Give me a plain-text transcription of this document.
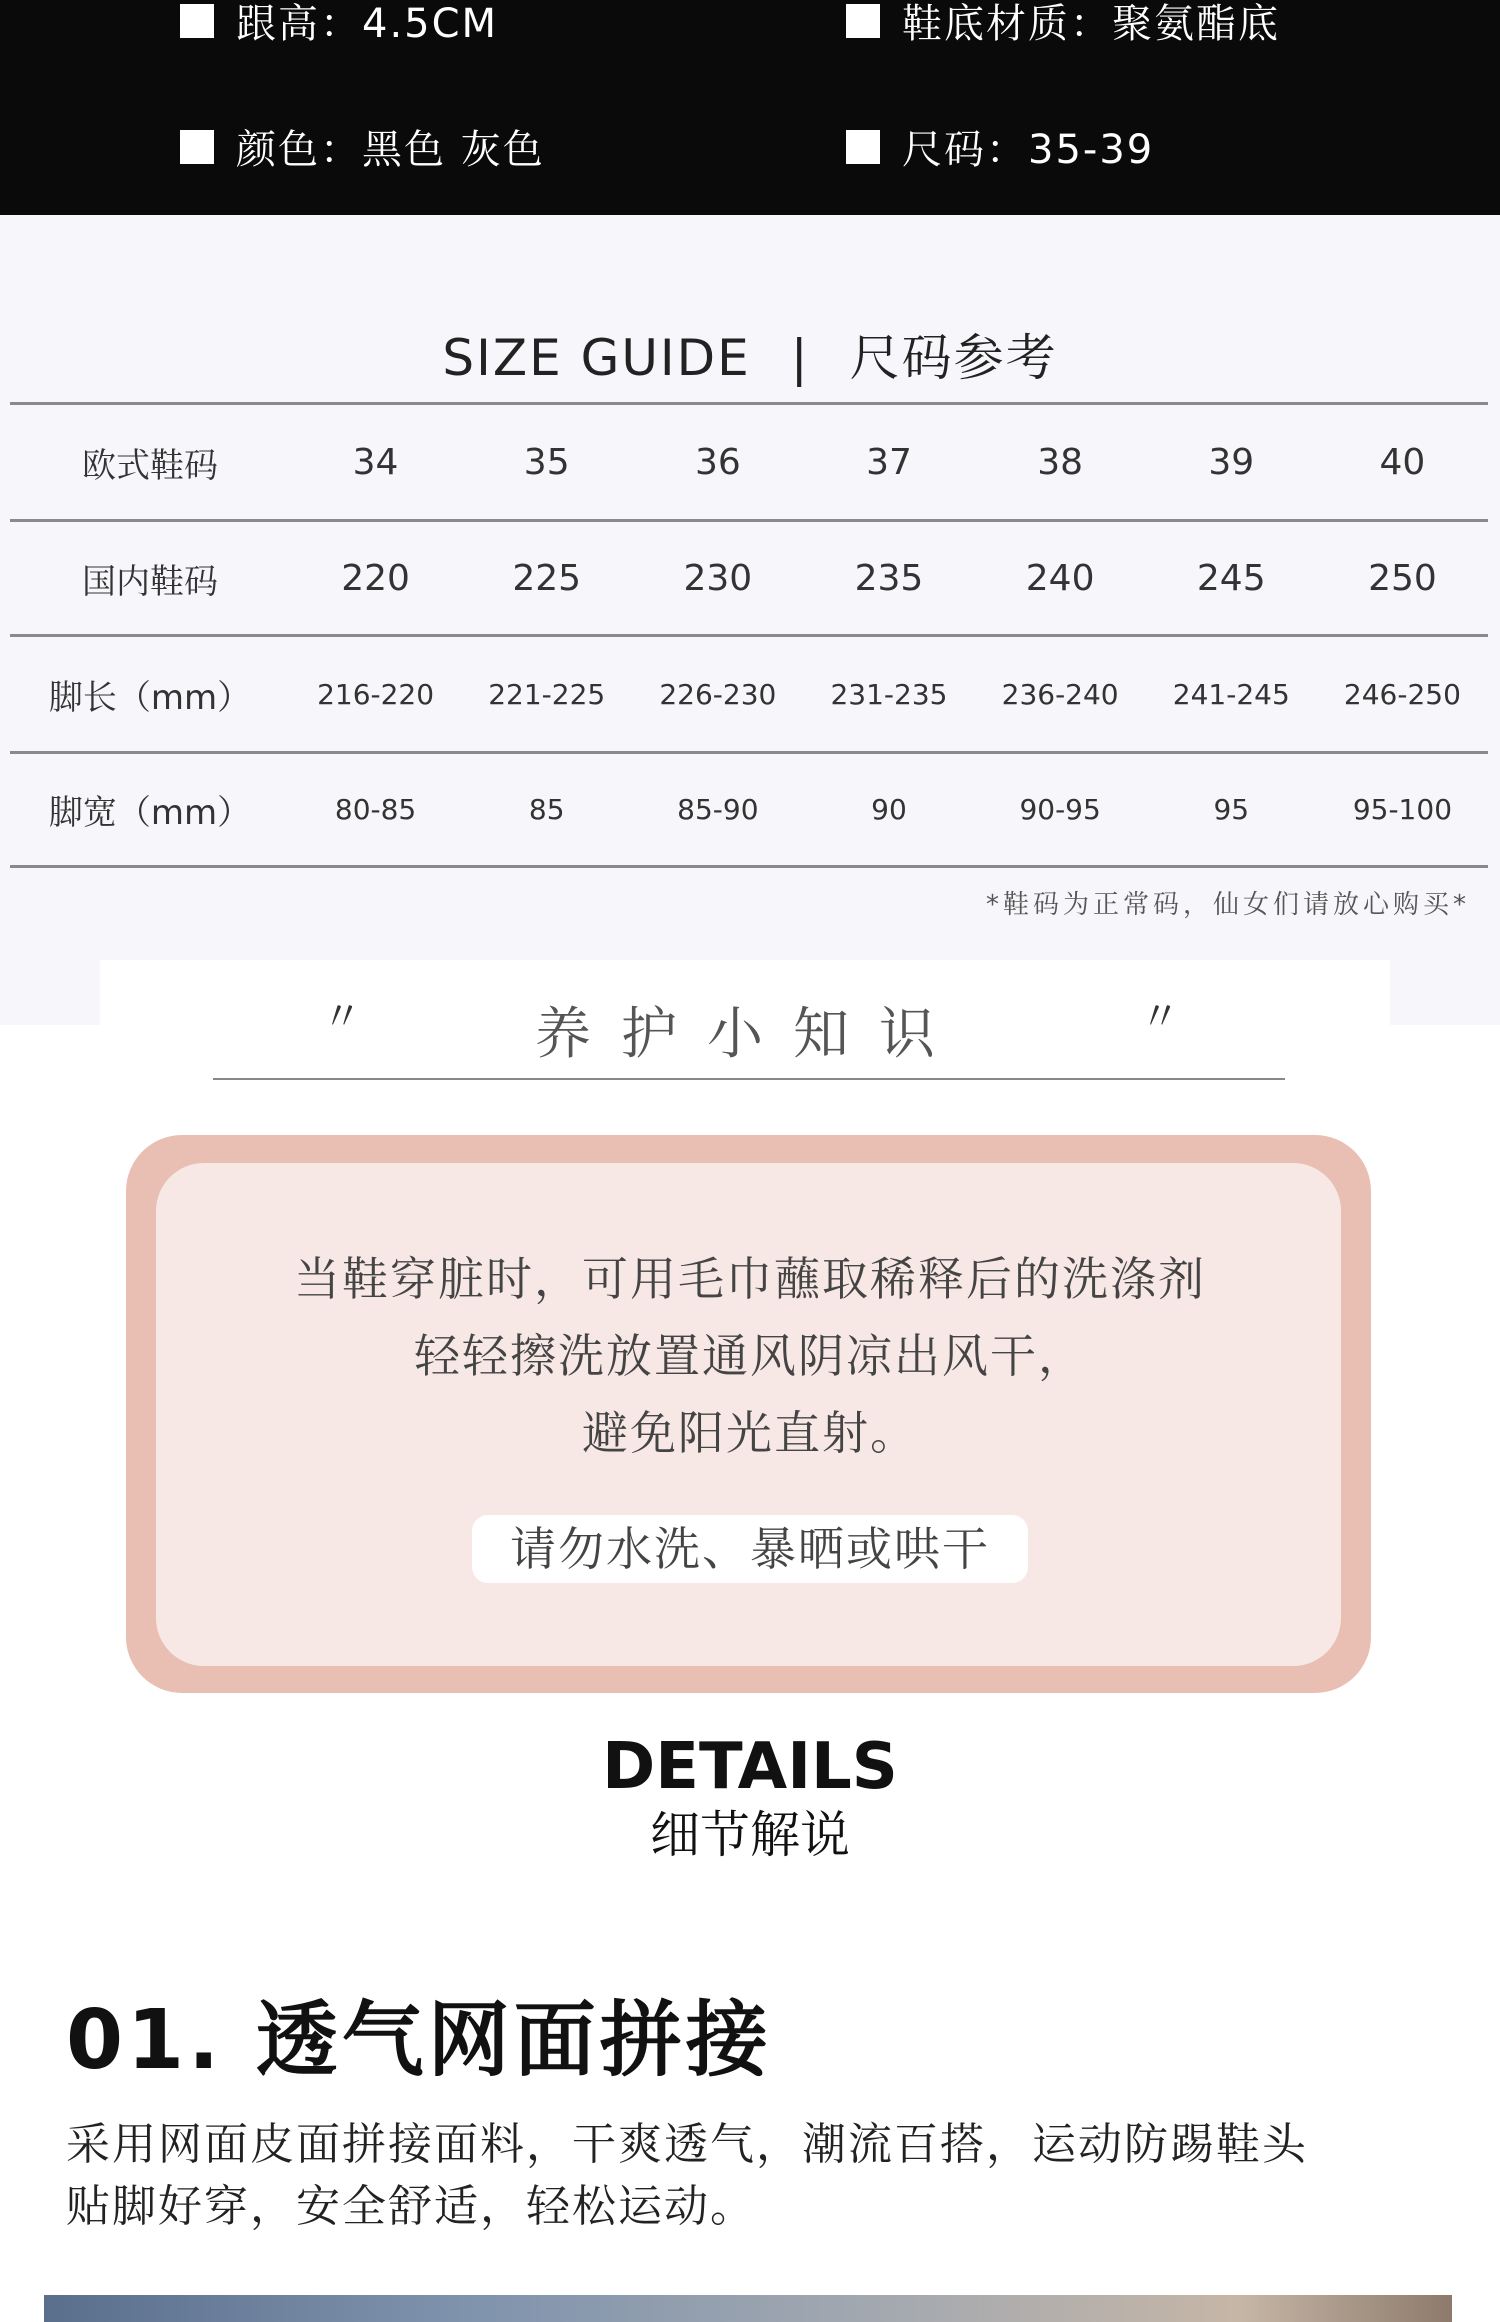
跟高：4.5CM	鞋底材质：聚氨酯底
颜色：黑色 灰色	尺码：35-39
SIZE GUIDE | 尺码参考
欧式鞋码	34	35	36	37	38	39	40
国内鞋码	220	225	230	235	240	245	250
脚长（mm）	216-220	221-225	226-230	231-235	236-240	241-245	246-250
脚宽（mm）	80-85	85	85-90	90	90-95	95	95-100
*鞋码为正常码，仙女们请放心购买*
〃	养护小知识	〃
当鞋穿脏时，可用毛巾蘸取稀释后的洗涤剂
轻轻擦洗放置通风阴凉出风干，
避免阳光直射。
请勿水洗、暴晒或哄干
DETAILS
细节解说
01. 透气网面拼接
采用网面皮面拼接面料，干爽透气，潮流百搭，运动防踢鞋头
贴脚好穿，安全舒适，轻松运动。
